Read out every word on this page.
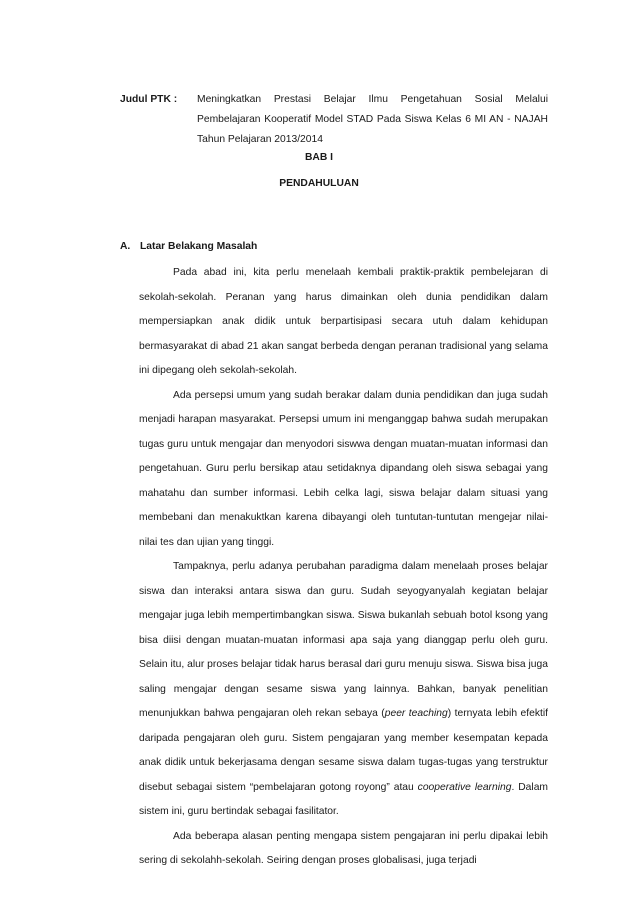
Judul PTK :	Meningkatkan Prestasi Belajar Ilmu Pengetahuan Sosial Melalui
Pembelajaran Kooperatif Model STAD Pada Siswa Kelas 6 MI AN - NAJAH
Tahun Pelajaran 2013/2014
BAB I
PENDAHULUAN
A. Latar Belakang Masalah

Pada abad ini, kita perlu menelaah kembali praktik-praktik pembelejaran di sekolah-sekolah. Peranan yang harus dimainkan oleh dunia pendidikan dalam mempersiapkan anak didik untuk berpartisipasi secara utuh dalam kehidupan bermasyarakat di abad 21 akan sangat berbeda dengan peranan tradisional yang selama ini dipegang oleh sekolah-sekolah.

Ada persepsi umum yang sudah berakar dalam dunia pendidikan dan juga sudah menjadi harapan masyarakat. Persepsi umum ini menganggap bahwa sudah merupakan tugas guru untuk mengajar dan menyodori siswwa dengan muatan-muatan informasi dan pengetahuan. Guru perlu bersikap atau setidaknya dipandang oleh siswa sebagai yang mahatahu dan sumber informasi. Lebih celka lagi, siswa belajar dalam situasi yang membebani dan menakuktkan karena dibayangi oleh tuntutan-tuntutan mengejar nilai-nilai tes dan ujian yang tinggi.

Tampaknya, perlu adanya perubahan paradigma dalam menelaah proses belajar siswa dan interaksi antara siswa dan guru. Sudah seyogyanyalah kegiatan belajar mengajar juga lebih mempertimbangkan siswa. Siswa bukanlah sebuah botol ksong yang bisa diisi dengan muatan-muatan informasi apa saja yang dianggap perlu oleh guru. Selain itu, alur proses belajar tidak harus berasal dari guru menuju siswa. Siswa bisa juga saling mengajar dengan sesame siswa yang lainnya. Bahkan, banyak penelitian menunjukkan bahwa pengajaran oleh rekan sebaya (peer teaching) ternyata lebih efektif daripada pengajaran oleh guru. Sistem pengajaran yang member kesempatan kepada anak didik untuk bekerjasama dengan sesame siswa dalam tugas-tugas yang terstruktur disebut sebagai sistem “pembelajaran gotong royong” atau cooperative learning. Dalam sistem ini, guru bertindak sebagai fasilitator.

Ada beberapa alasan penting mengapa sistem pengajaran ini perlu dipakai lebih sering di sekolahh-sekolah. Seiring dengan proses globalisasi, juga terjadi
